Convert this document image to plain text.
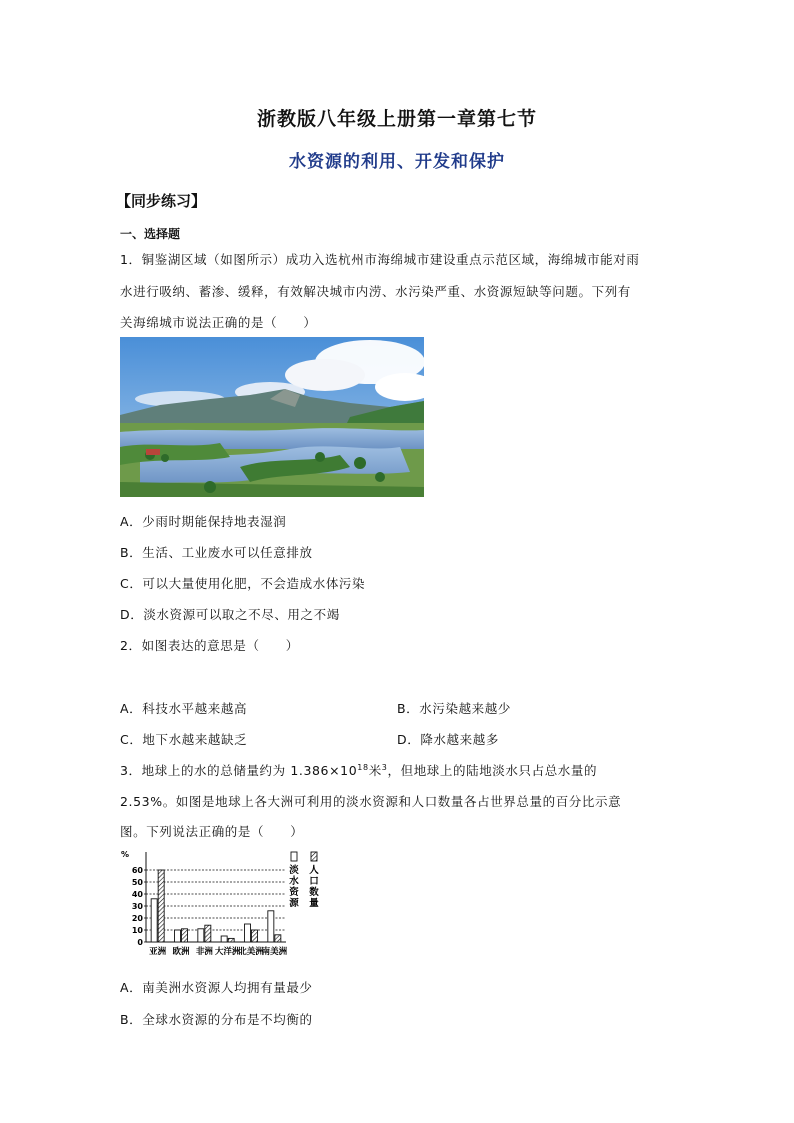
浙教版八年级上册第一章第七节
水资源的利用、开发和保护
【同步练习】
一、选择题
1．铜鉴湖区域（如图所示）成功入选杭州市海绵城市建设重点示范区域，海绵城市能对雨
水进行吸纳、蓄渗、缓释，有效解决城市内涝、水污染严重、水资源短缺等问题。下列有
关海绵城市说法正确的是（　　）
A．少雨时期能保持地表湿润
B．生活、工业废水可以任意排放
C．可以大量使用化肥，不会造成水体污染
D．淡水资源可以取之不尽、用之不竭
2．如图表达的意思是（　　）
A．科技水平越来越高	B．水污染越来越少
C．地下水越来越缺乏	D．降水越来越多
3．地球上的水的总储量约为 $1.386\times 10^{18}$米$^3$，但地球上的陆地淡水只占总水量的
2.53%。如图是地球上各大洲可利用的淡水资源和人口数量各占世界总量的百分比示意
图。下列说法正确的是（　　）
%
0
10
20
30
40
50
60
亚洲 欧洲 非洲 大洋洲
北美洲
南美洲
淡
水
资
源
人
口
数
量
A．南美洲水资源人均拥有量最少
B．全球水资源的分布是不均衡的
